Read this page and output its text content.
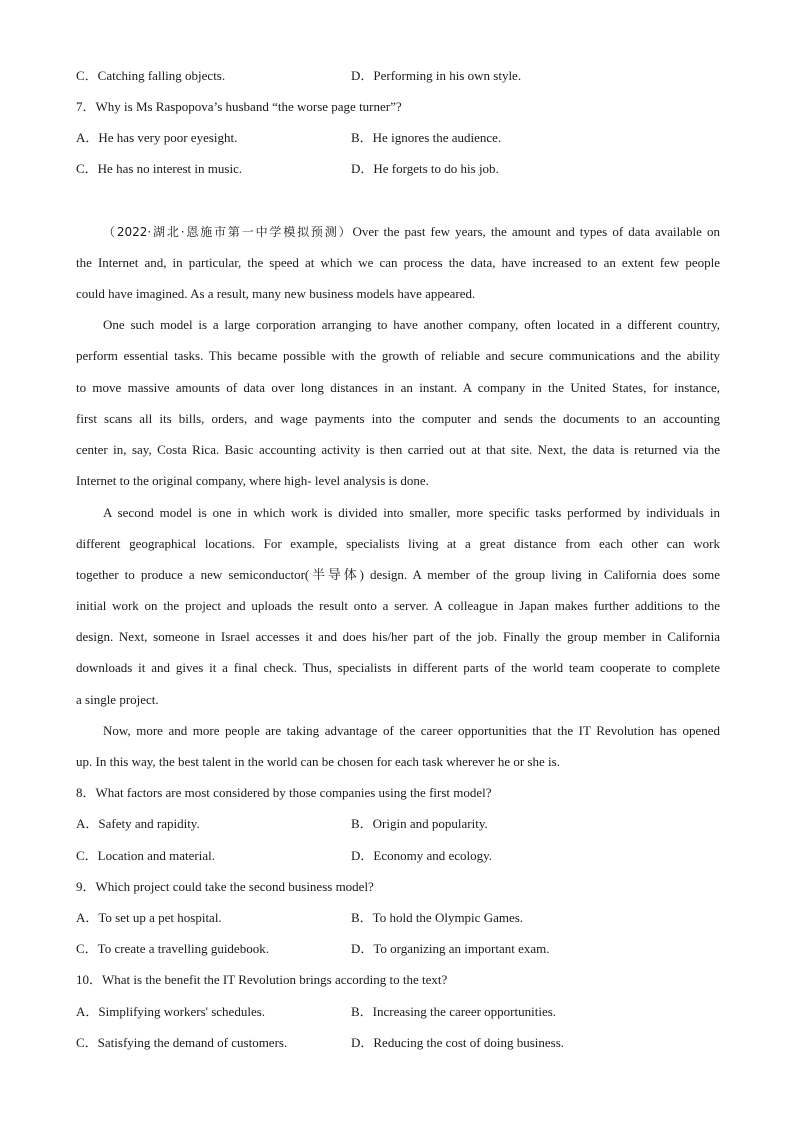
C．Catching falling objects.	D．Performing in his own style.
7．Why is Ms Raspopova’s husband “the worse page turner”?
A．He has very poor eyesight.	B．He ignores the audience.
C．He has no interest in music.	D．He forgets to do his job.
（2022·湖北·恩施市第一中学模拟预测）Over the past few years, the amount and types of data available on
the Internet and, in particular, the speed at which we can process the data, have increased to an extent few people
could have imagined. As a result, many new business models have appeared.
One such model is a large corporation arranging to have another company, often located in a different country,
perform essential tasks. This became possible with the growth of reliable and secure communications and the ability
to move massive amounts of data over long distances in an instant. A company in the United States, for instance,
first scans all its bills, orders, and wage payments into the computer and sends the documents to an accounting
center in, say, Costa Rica. Basic accounting activity is then carried out at that site. Next, the data is returned via the
Internet to the original company, where high- level analysis is done.
A second model is one in which work is divided into smaller, more specific tasks performed by individuals in
different geographical locations. For example, specialists living at a great distance from each other can work
together to produce a new semiconductor(半导体) design. A member of the group living in California does some
initial work on the project and uploads the result onto a server. A colleague in Japan makes further additions to the
design. Next, someone in Israel accesses it and does his/her part of the job. Finally the group member in California
downloads it and gives it a final check. Thus, specialists in different parts of the world team cooperate to complete
a single project.
Now, more and more people are taking advantage of the career opportunities that the IT Revolution has opened
up. In this way, the best talent in the world can be chosen for each task wherever he or she is.
8．What factors are most considered by those companies using the first model?
A．Safety and rapidity.	B．Origin and popularity.
C．Location and material.	D．Economy and ecology.
9．Which project could take the second business model?
A．To set up a pet hospital.	B．To hold the Olympic Games.
C．To create a travelling guidebook.	D．To organizing an important exam.
10．What is the benefit the IT Revolution brings according to the text?
A．Simplifying workers' schedules.	B．Increasing the career opportunities.
C．Satisfying the demand of customers.	D．Reducing the cost of doing business.
